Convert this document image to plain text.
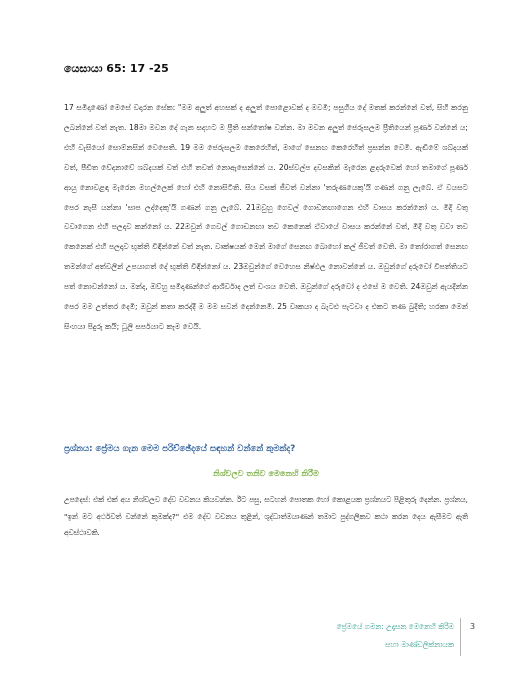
යෙසායා 65: 17 -25
17 සමිදාණෝ මෙසේ වදාරන සේක: "මම අලුත් අහසක් ද අලුත් පොළොවක් ද මවමි; පසුගිය දේ මතක් කරන්නේ වත්, සිහි කරනු ලබන්නේ වත් නැත. 18මා මවන දේ ගැන සදහට ම ප්‍රීති සන්තෝෂ වන්න. මා මවන අලුත් ජෙරුසලම ප්‍රීතියෙන් පූර්ණ වන්නේ ය; එහි වැසියෝ සොම්නසින් වෙසෙති. 19 මම ජෙරුසලම කෙරෙහිත්, මාගේ සෙනඟ කෙරෙහිත් ප්‍රසන්න වෙමි. ඇඬීමේ ශබ්දයක් වත්, පීඩිත වේදනාවේ ශබ්දයක් වත් එහි තවත් නොඇසෙන්නේ ය. 20ස්වල්ප දවසකින් මැරෙන ළදරුවෙක් හෝ තමාගේ පූර්ණ ආයු නොවළඳා මැරෙන මහල්ලෙක් හෝ එහි නොසිටිති. සිය වසක් ජීවත් වන්නා 'තරුණයෙකු'යි ගණන් ගනු ලැබේ. ඒ වයසට පෙර නැසී යන්නා 'සාප ලද්දෙකු'යි ගණන් ගනු ලැබේ. 21ඔවුහු ගෙවල් ගොඩනඟාගෙන එහි වාසය කරන්නෝ ය. මිදි වතු වවාගෙන එහි පලදාව කන්නෝ ය. 22ඔවුන් ගෙවල් ගොඩනඟා තව කෙනෙක් ඒවායේ වාසය කරන්නේ වත්, මිදි වතු වවා තව කෙනෙක් එහි පලදාව භුක්ති විඳින්නේ වත් නැත. වෘක්ෂයක් මෙන් මාගේ සෙනඟ බොහෝ කල් ජීවත් වෙති. මා තෝරාගත් සෙනඟ තමන්ගේ අත්වලින් උපයාගත් දේ භුක්ති විඳින්නෝ ය. 23ඔවුන්ගේ වෙහෙස නිෂ්ඵල නොවන්නේ ය. ඔවුන්ගේ දරුවෝ විපත්තියට පත් නොවන්නෝ ය. මන්ද, ඔව්හු සමිදාණන්ගේ ආශිර්වාද ලත් වංශය වෙති. ඔවුන්ගේ දරුවෝ ද එසේ ම වෙති. 24ඔවුන් ඇයදින්න පෙර මම උත්තර දෙමි; ඔවුන් කතා කරද්දී ම මම සවන් දෙන්නෙමි. 25 වෘකයා ද බැටළු පැටවා ද එකට තණ බුදිති; හරකා මෙන් සිංහයා පිදුරු කයි; ධූලි සර්පයාට කෑම වෙයි.
ප්‍රශ්නය: ප්‍රේමය ගැන මෙම පරිච්ඡේදයේ සඳහන් වන්නේ කුමක්ද?
නිශ්චලව තනිව මෙනෙහි කිරීම
උපදෙස්: එක් එක් අය නිශ්චලව දේව වචනය කියවන්න. ඊට පසු, සටහන් පොතක හෝ කොළයක ප්‍රශ්නයට පිළිතුරු දෙන්න. ප්‍රශ්නය, "ඉන් මට අර්ථවත් වන්නේ කුමක්ද?" එම දේව වචනය තුළින්, ශුද්ධාත්මයාණන් තමාට පුද්ගලිකව කථා කරන දෙය ඇසීමට ඇති අවස්ථාවකි.
ප්‍රේමයේ ගමන: උදෑසන මෙනෙහි කිරීම
සහා මාණ්ඩලික්නායක
3
